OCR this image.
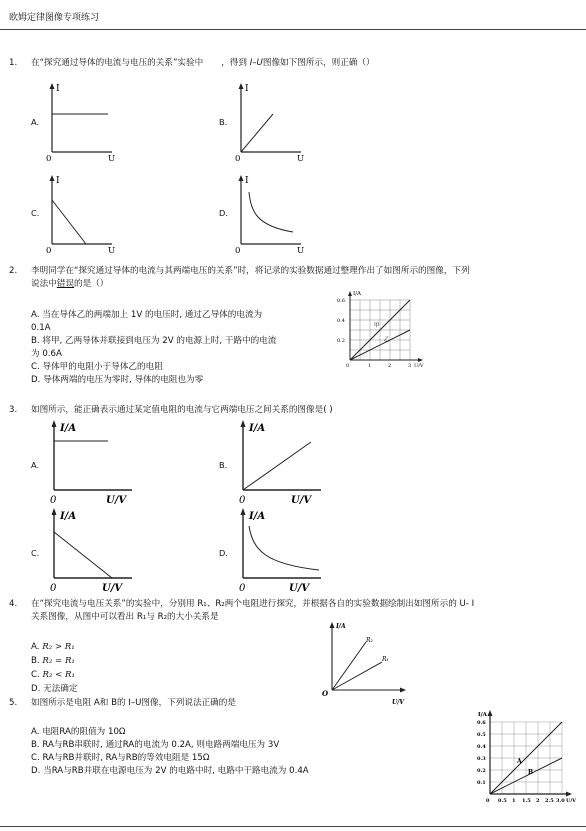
欧姆定律图像专项练习
1. 在“探究通过导体的电流与电压的关系”实验中 ，得到 I–U图像如下图所示，则正确（）
A.
I
0	U
B.
I
0	U
C.
I
0	U
D.
I
0	U
2. 李明同学在“探究通过导体的电流与其两端电压的关系”时，将记录的实验数据通过整理作出了如图所示的图像，下列
说法中错误的是（）
A. 当在导体乙的两端加上 1V 的电压时, 通过乙导体的电流为
0.1A
B. 将甲, 乙两导体并联接到电压为 2V 的电源上时, 干路中的电流
为 0.6A
C. 导体甲的电阻小于导体乙的电阻
D. 导体两端的电压为零时, 导体的电阻也为零
I/A
0.6
0.4
0.2
0	1	2	3 U/V
甲
乙
3. 如图所示，能正确表示通过某定值电阻的电流与它两端电压之间关系的图像是( )
A.
I/A
0	U/V
B.
I/A
0	U/V
C.
I/A
0	U/V
D.
I/A
0	U/V
4. 在“探究电流与电压关系”的实验中，分别用 R₁、R₂两个电阻进行探究，并根据各自的实验数据绘制出如图所示的 U- I
关系图像，从图中可以看出 R₁与 R₂的大小关系是
A. R₂ > R₁
B. R₂ = R₁
C. R₂ < R₁
D. 无法确定
I/A
O
U/V
R₂
R₁
5. 如图所示是电阻 A和 B的 I–U图像，下列说法正确的是
A. 电阻RA的阻值为 10Ω
B. RA与RB串联时, 通过RA的电流为 0.2A, 则电路两端电压为 3V
C. RA与RB并联时, RA与RB的等效电阻是 15Ω
D. 当RA与RB并联在电源电压为 2V 的电路中时, 电路中干路电流为 0.4A
I/A
0.6
0.5
0.4
0.3
0.2
0.1
0 0.5 1 1.5 2 2.5 3.0 U/V
A
B
